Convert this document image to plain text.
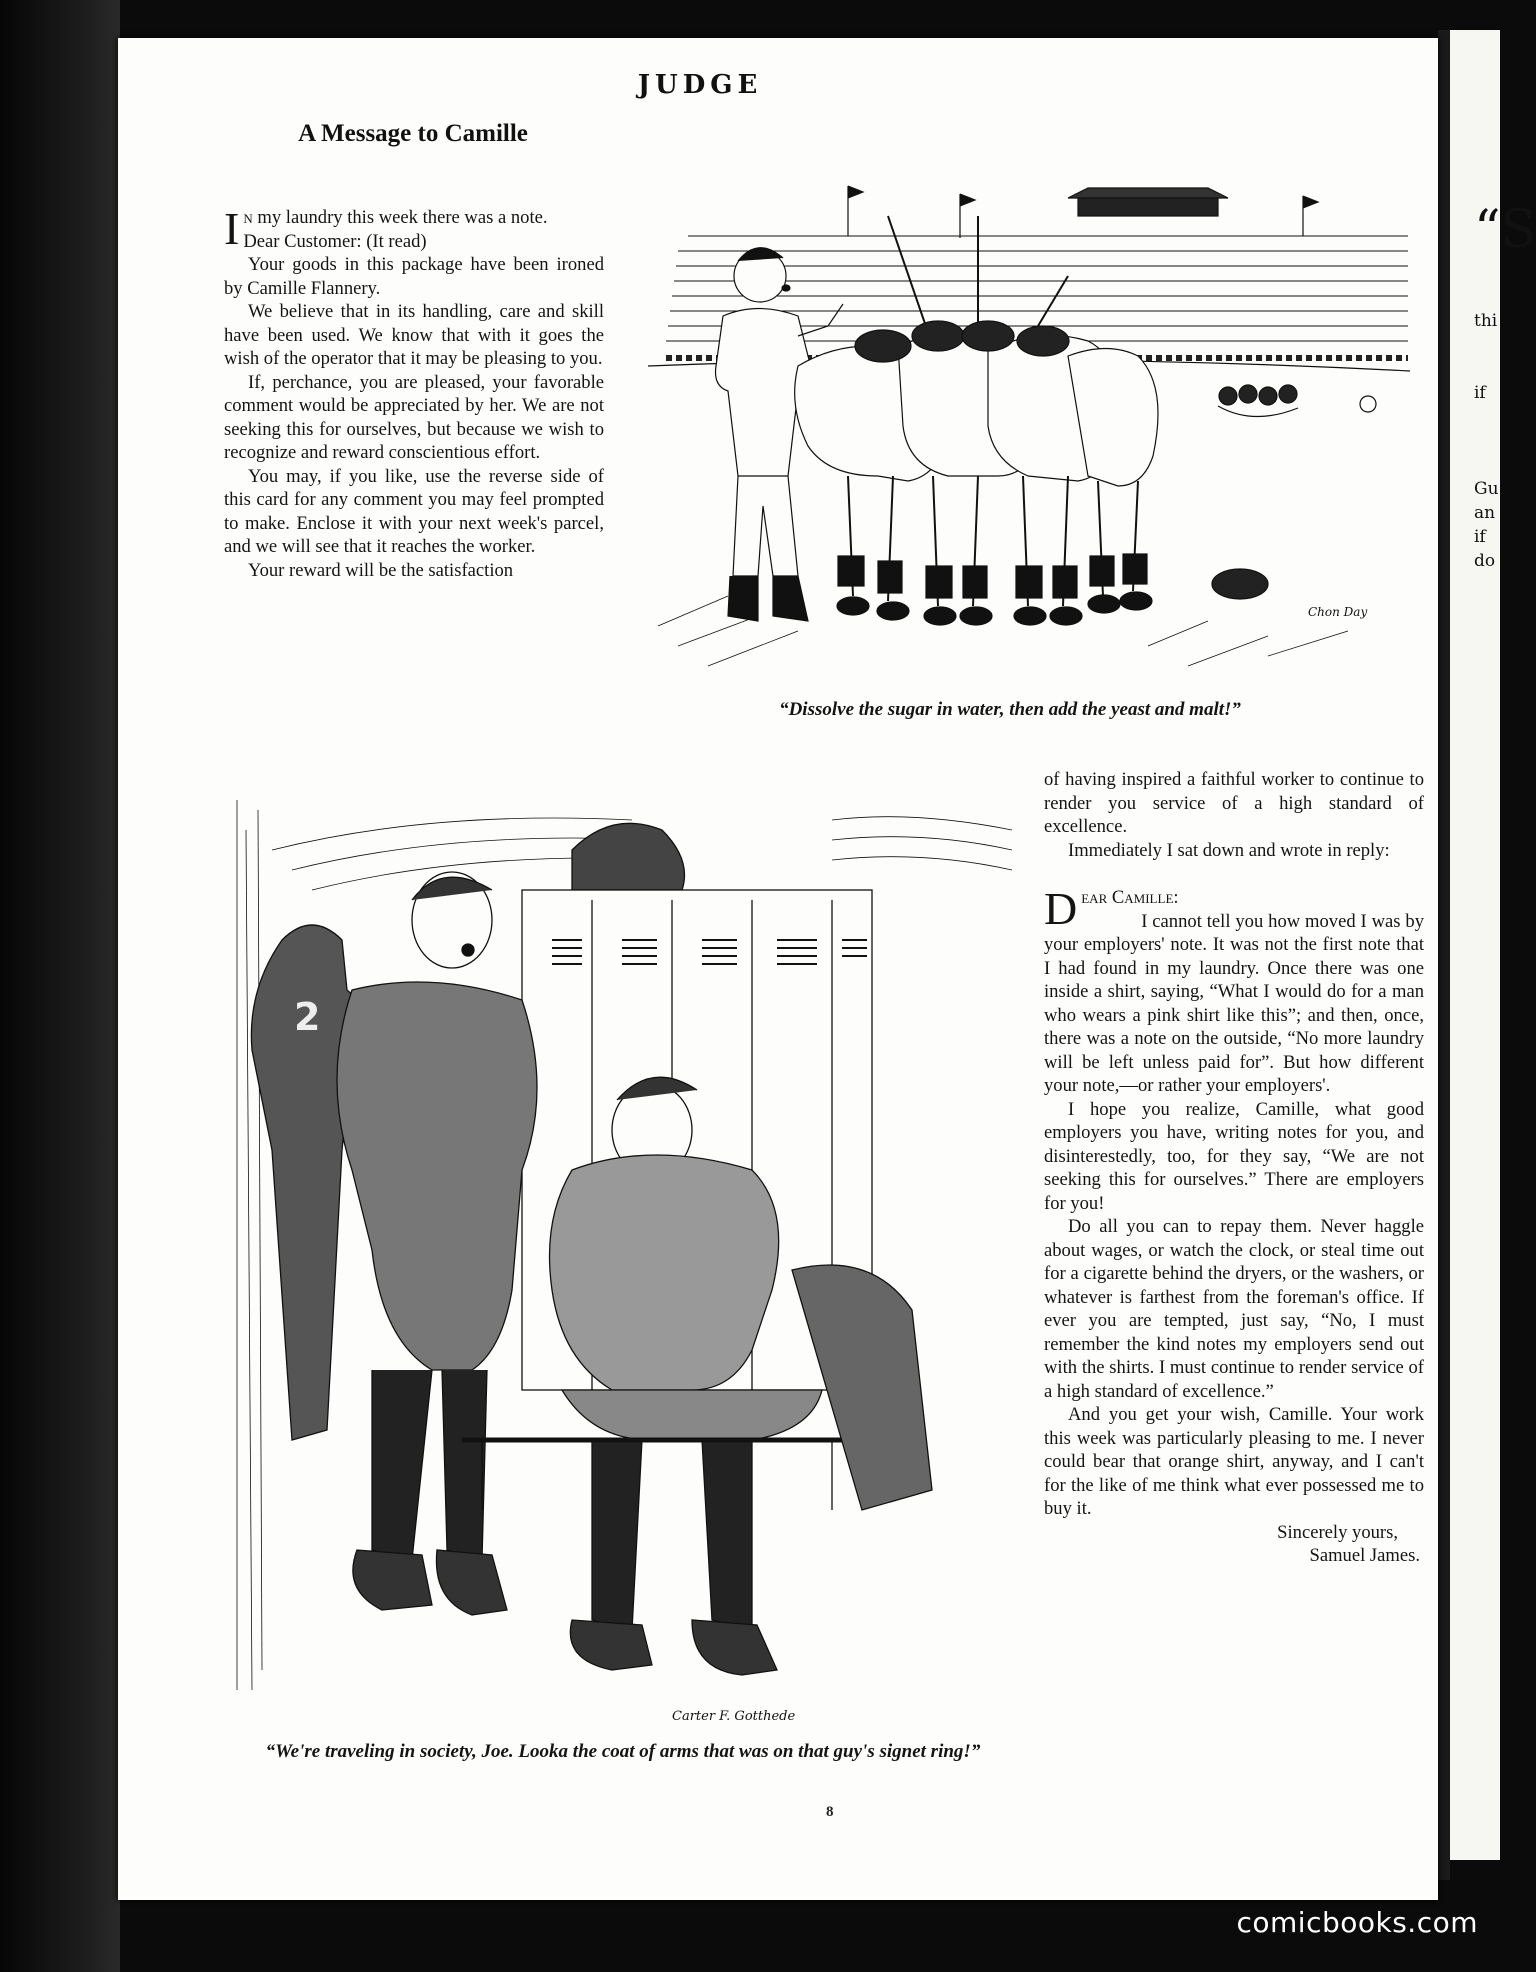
“S
thi
if
Gu
an
if
do
JUDGE
A Message to Camille

In my laundry this week there was a note.

Dear Customer: (It read)

Your goods in this package have been ironed by Camille Flannery.

We believe that in its handling, care and skill have been used. We know that with it goes the wish of the operator that it may be pleasing to you.

If, perchance, you are pleased, your favorable comment would be appreciated by her. We are not seeking this for ourselves, but because we wish to recognize and reward conscientious effort.

You may, if you like, use the reverse side of this card for any comment you may feel prompted to make. Enclose it with your next week's parcel, and we will see that it reaches the worker.

Your reward will be the satisfaction

Chon Day
“Dissolve the sugar in water, then add the yeast and malt!”
2
Carter F. Gotthede
“We're traveling in society, Joe. Looka the coat of arms that was on that guy's signet ring!”

of having inspired a faithful worker to continue to render you service of a high standard of excellence.

Immediately I sat down and wrote in reply:

Dear Camille:

I cannot tell you how moved I was by your employers' note. It was not the first note that I had found in my laundry. Once there was one inside a shirt, saying, “What I would do for a man who wears a pink shirt like this”; and then, once, there was a note on the outside, “No more laundry will be left unless paid for”. But how different your note,—or rather your employers'.

I hope you realize, Camille, what good employers you have, writing notes for you, and disinterestedly, too, for they say, “We are not seeking this for ourselves.” There are employers for you!

Do all you can to repay them. Never haggle about wages, or watch the clock, or steal time out for a cigarette behind the dryers, or the washers, or whatever is farthest from the foreman's office. If ever you are tempted, just say, “No, I must remember the kind notes my employers send out with the shirts. I must continue to render service of a high standard of excellence.”

And you get your wish, Camille. Your work this week was particularly pleasing to me. I never could bear that orange shirt, anyway, and I can't for the like of me think what ever possessed me to buy it.

Sincerely yours,

Samuel James.

8
comicbooks.com
